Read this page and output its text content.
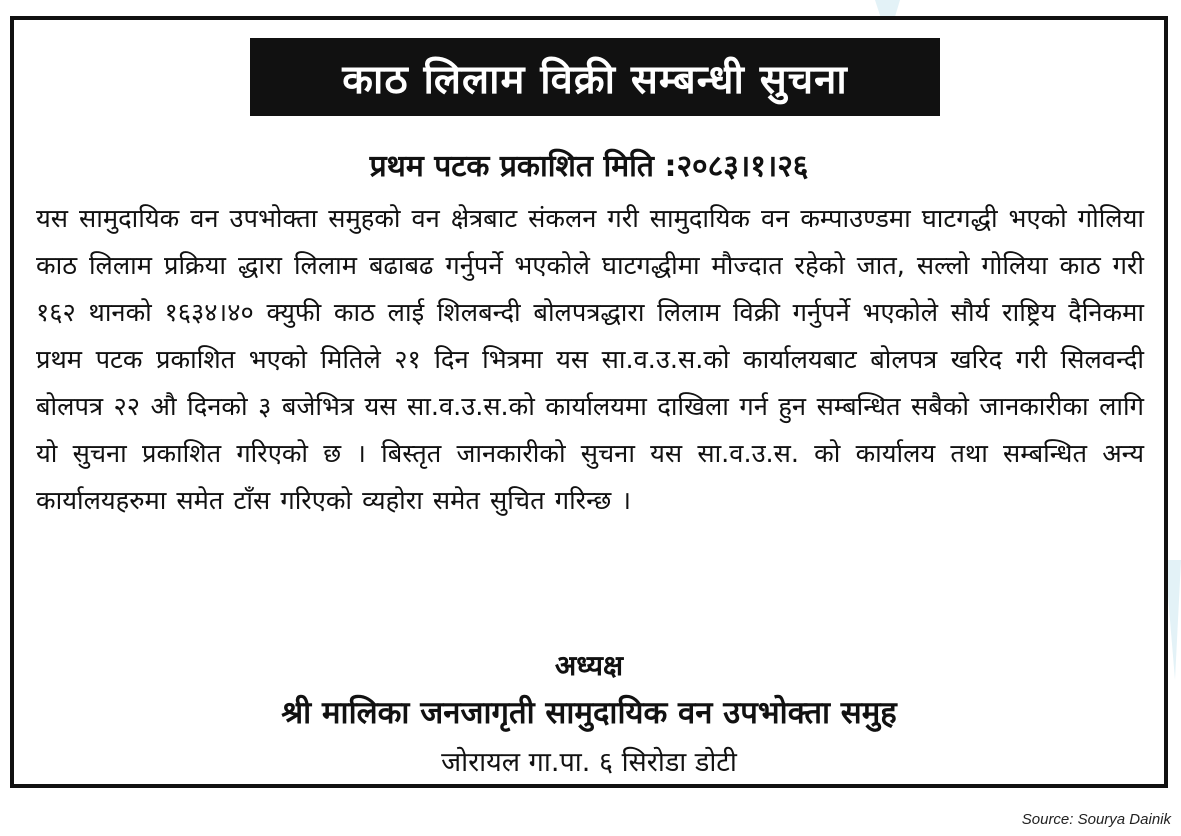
काठ लिलाम विक्री सम्बन्धी सुचना
प्रथम पटक प्रकाशित मिति :२०८३।१।२६
यस सामुदायिक वन उपभोक्ता समुहको वन क्षेत्रबाट संकलन गरी सामुदायिक वन कम्पाउण्डमा घाटगद्धी भएको गोलिया काठ लिलाम प्रक्रिया द्धारा लिलाम बढाबढ गर्नुपर्ने भएकोले घाटगद्धीमा मौज्दात रहेको जात, सल्लो गोलिया काठ गरी १६२ थानको १६३४।४० क्युफी काठ लाई शिलबन्दी बोलपत्रद्धारा लिलाम विक्री गर्नुपर्ने भएकोले सौर्य राष्ट्रिय दैनिकमा प्रथम पटक प्रकाशित भएको मितिले २१ दिन भित्रमा यस सा.व.उ.स.को कार्यालयबाट बोलपत्र खरिद गरी सिलवन्दी बोलपत्र २२ औ दिनको ३ बजेभित्र यस सा.व.उ.स.को कार्यालयमा दाखिला गर्न हुन सम्बन्धित सबैको जानकारीका लागि यो सुचना प्रकाशित गरिएको छ । बिस्तृत जानकारीको सुचना यस सा.व.उ.स. को कार्यालय तथा सम्बन्धित अन्य कार्यालयहरुमा समेत टाँस गरिएको व्यहोरा समेत सुचित गरिन्छ ।
अध्यक्ष
श्री मालिका जनजागृती सामुदायिक वन उपभोक्ता समुह
जोरायल गा.पा. ६ सिरोडा डोटी
Source: Sourya Dainik
